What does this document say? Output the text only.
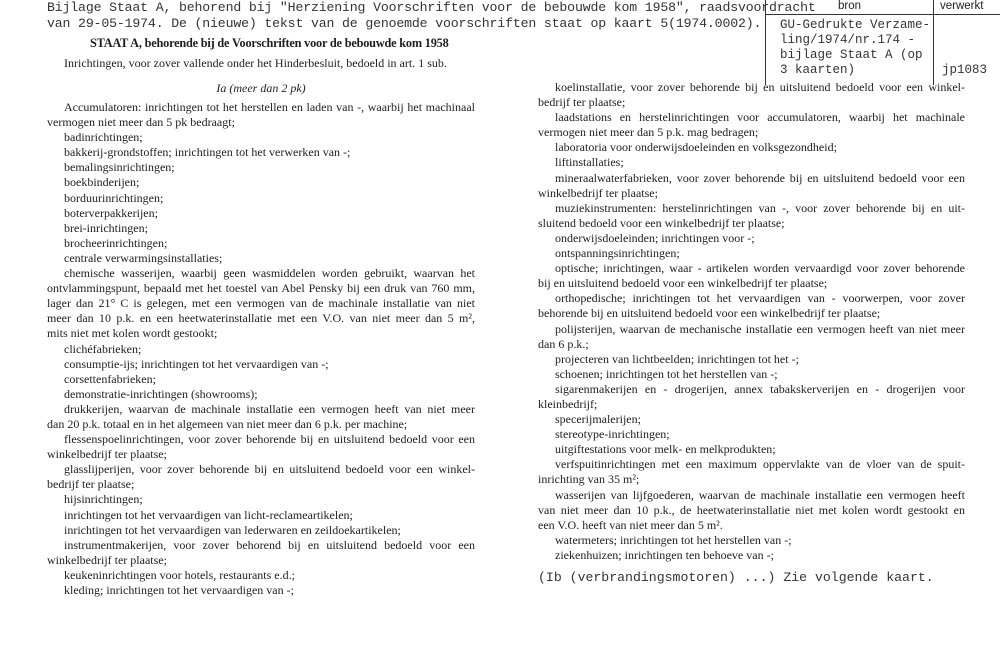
Bijlage Staat A, behorend bij "Herziening Voorschriften voor de bebouwde kom 1958", raadsvoordracht
van 29-05-1974. De (nieuwe) tekst van de genoemde voorschriften staat op kaart 5(1974.0002).
bron	verwerkt
GU-Gedrukte Verzame-
ling/1974/nr.174 -
bijlage Staat A (op
3 kaarten)	jp1083
STAAT A, behorende bij de Voorschriften voor de bebouwde kom 1958
Inrichtingen, voor zover vallende onder het Hinderbesluit, bedoeld in art. 1 sub.
Ia (meer dan 2 pk)
Accumulatoren: inrichtingen tot het herstellen en laden van -, waarbij het machinaal
vermogen niet meer dan 5 pk bedraagt;
badinrichtingen;
bakkerij-grondstoffen; inrichtingen tot het verwerken van -;
bemalingsinrichtingen;
boekbinderijen;
borduurinrichtingen;
boterverpakkerijen;
brei-inrichtingen;
brocheerinrichtingen;
centrale verwarmingsinstallaties;
chemische wasserijen, waarbij geen wasmiddelen worden gebruikt, waarvan het
ontvlammingspunt, bepaald met het toestel van Abel Pensky bij een druk van 760 mm,
lager dan 21° C is gelegen, met een vermogen van de machinale installatie van niet
meer dan 10 p.k. en een heetwaterinstallatie met een V.O. van niet meer dan 5 m²,
mits niet met kolen wordt gestookt;
clichéfabrieken;
consumptie-ijs; inrichtingen tot het vervaardigen van -;
corsettenfabrieken;
demonstratie-inrichtingen (showrooms);
drukkerijen, waarvan de machinale installatie een vermogen heeft van niet meer
dan 20 p.k. totaal en in het algemeen van niet meer dan 6 p.k. per machine;
flessenspoelinrichtingen, voor zover behorende bij en uitsluitend bedoeld voor een
winkelbedrijf ter plaatse;
glasslijperijen, voor zover behorende bij en uitsluitend bedoeld voor een winkel-
bedrijf ter plaatse;
hijsinrichtingen;
inrichtingen tot het vervaardigen van licht-reclameartikelen;
inrichtingen tot het vervaardigen van lederwaren en zeildoekartikelen;
instrumentmakerijen, voor zover behorend bij en uitsluitend bedoeld voor een
winkelbedrijf ter plaatse;
keukeninrichtingen voor hotels, restaurants e.d.;
kleding; inrichtingen tot het vervaardigen van -;
koelinstallatie, voor zover behorende bij en uitsluitend bedoeld voor een winkel-
bedrijf ter plaatse;
laadstations en herstelinrichtingen voor accumulatoren, waarbij het machinale
vermogen niet meer dan 5 p.k. mag bedragen;
laboratoria voor onderwijsdoeleinden en volksgezondheid;
liftinstallaties;
mineraalwaterfabrieken, voor zover behorende bij en uitsluitend bedoeld voor een
winkelbedrijf ter plaatse;
muziekinstrumenten: herstelinrichtingen van -, voor zover behorende bij en uit-
sluitend bedoeld voor een winkelbedrijf ter plaatse;
onderwijsdoeleinden; inrichtingen voor -;
ontspanningsinrichtingen;
optische; inrichtingen, waar - artikelen worden vervaardigd voor zover behorende
bij en uitsluitend bedoeld voor een winkelbedrijf ter plaatse;
orthopedische; inrichtingen tot het vervaardigen van - voorwerpen, voor zover
behorende bij en uitsluitend bedoeld voor een winkelbedrijf ter plaatse;
polijsterijen, waarvan de mechanische installatie een vermogen heeft van niet meer
dan 6 p.k.;
projecteren van lichtbeelden; inrichtingen tot het -;
schoenen; inrichtingen tot het herstellen van -;
sigarenmakerijen en - drogerijen, annex tabakskerverijen en - drogerijen voor
kleinbedrijf;
specerijmalerijen;
stereotype-inrichtingen;
uitgiftestations voor melk- en melkprodukten;
verfspuitinrichtingen met een maximum oppervlakte van de vloer van de spuit-
inrichting van 35 m²;
wasserijen van lijfgoederen, waarvan de machinale installatie een vermogen heeft
van niet meer dan 10 p.k., de heetwaterinstallatie niet met kolen wordt gestookt en
een V.O. heeft van niet meer dan 5 m².
watermeters; inrichtingen tot het herstellen van -;
ziekenhuizen; inrichtingen ten behoeve van -;
(Ib (verbrandingsmotoren) ...) Zie volgende kaart.
